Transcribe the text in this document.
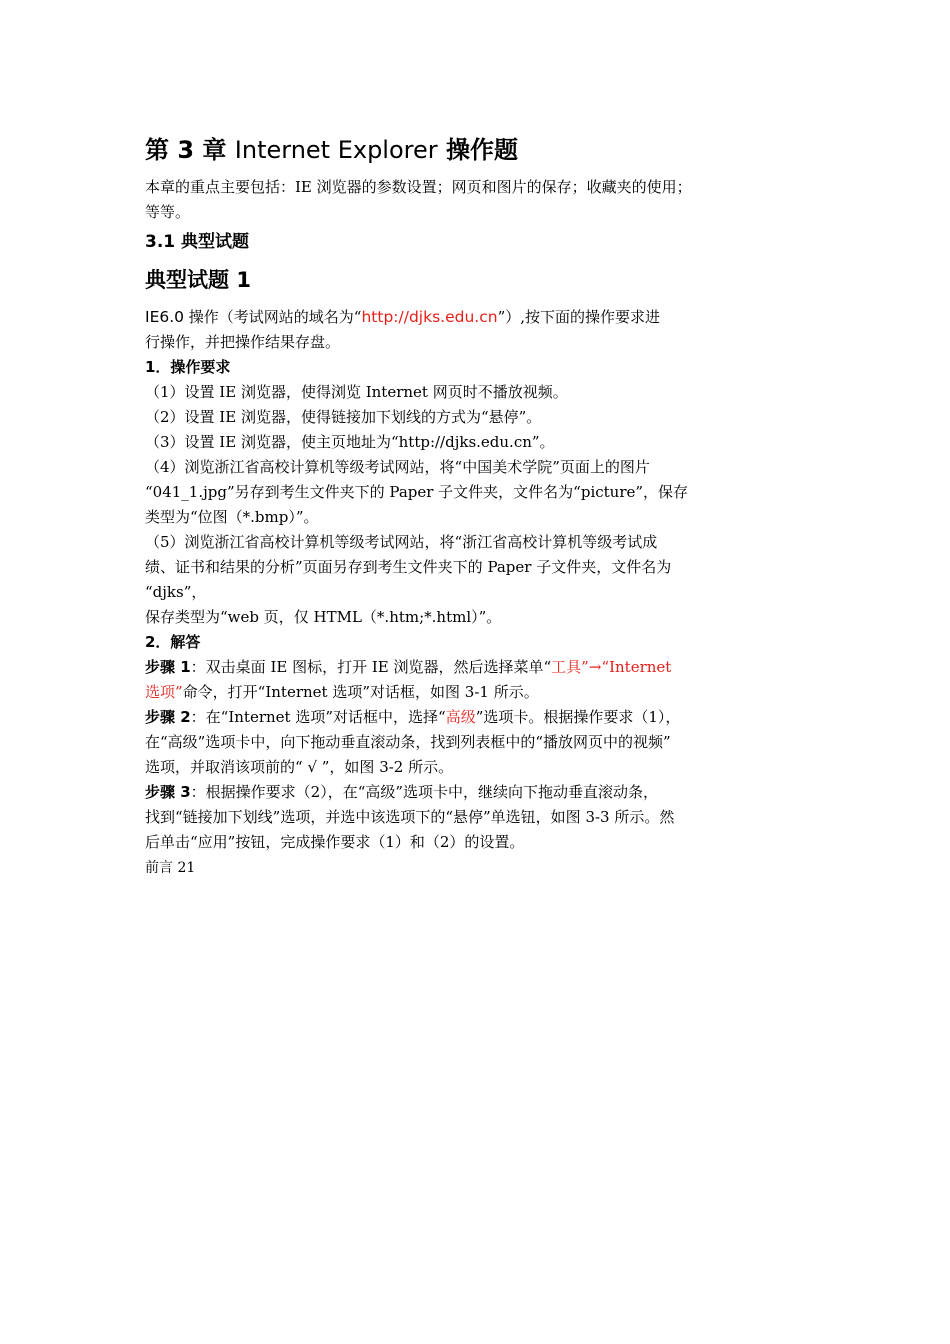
第 3 章 Internet Explorer 操作题

本章的重点主要包括：IE 浏览器的参数设置；网页和图片的保存；收藏夹的使用；
等等。

3.1 典型试题
典型试题 1

IE6.0 操作（考试网站的域名为“http://djks.edu.cn”）,按下面的操作要求进
行操作，并把操作结果存盘。

1．操作要求

（1）设置 IE 浏览器，使得浏览 Internet 网页时不播放视频。

（2）设置 IE 浏览器，使得链接加下划线的方式为“悬停”。

（3）设置 IE 浏览器，使主页地址为“http://djks.edu.cn”。

（4）浏览浙江省高校计算机等级考试网站，将“中国美术学院”页面上的图片
“041_1.jpg”另存到考生文件夹下的 Paper 子文件夹，文件名为“picture”，保存
类型为“位图（*.bmp）”。

（5）浏览浙江省高校计算机等级考试网站，将“浙江省高校计算机等级考试成
绩、证书和结果的分析”页面另存到考生文件夹下的 Paper 子文件夹，文件名为
“djks”，
保存类型为“web 页，仅 HTML（*.htm;*.html）”。

2．解答

步骤 1：双击桌面 IE 图标，打开 IE 浏览器，然后选择菜单“工具”→“Internet
选项”命令，打开“Internet 选项”对话框，如图 3-1 所示。

步骤 2：在“Internet 选项”对话框中，选择“高级”选项卡。根据操作要求（1），
在“高级”选项卡中，向下拖动垂直滚动条，找到列表框中的“播放网页中的视频”
选项，并取消该项前的“ √ ”，如图 3-2 所示。

步骤 3：根据操作要求（2），在“高级”选项卡中，继续向下拖动垂直滚动条，
找到“链接加下划线”选项，并选中该选项下的“悬停”单选钮，如图 3-3 所示。然
后单击“应用”按钮，完成操作要求（1）和（2）的设置。

前言 21
